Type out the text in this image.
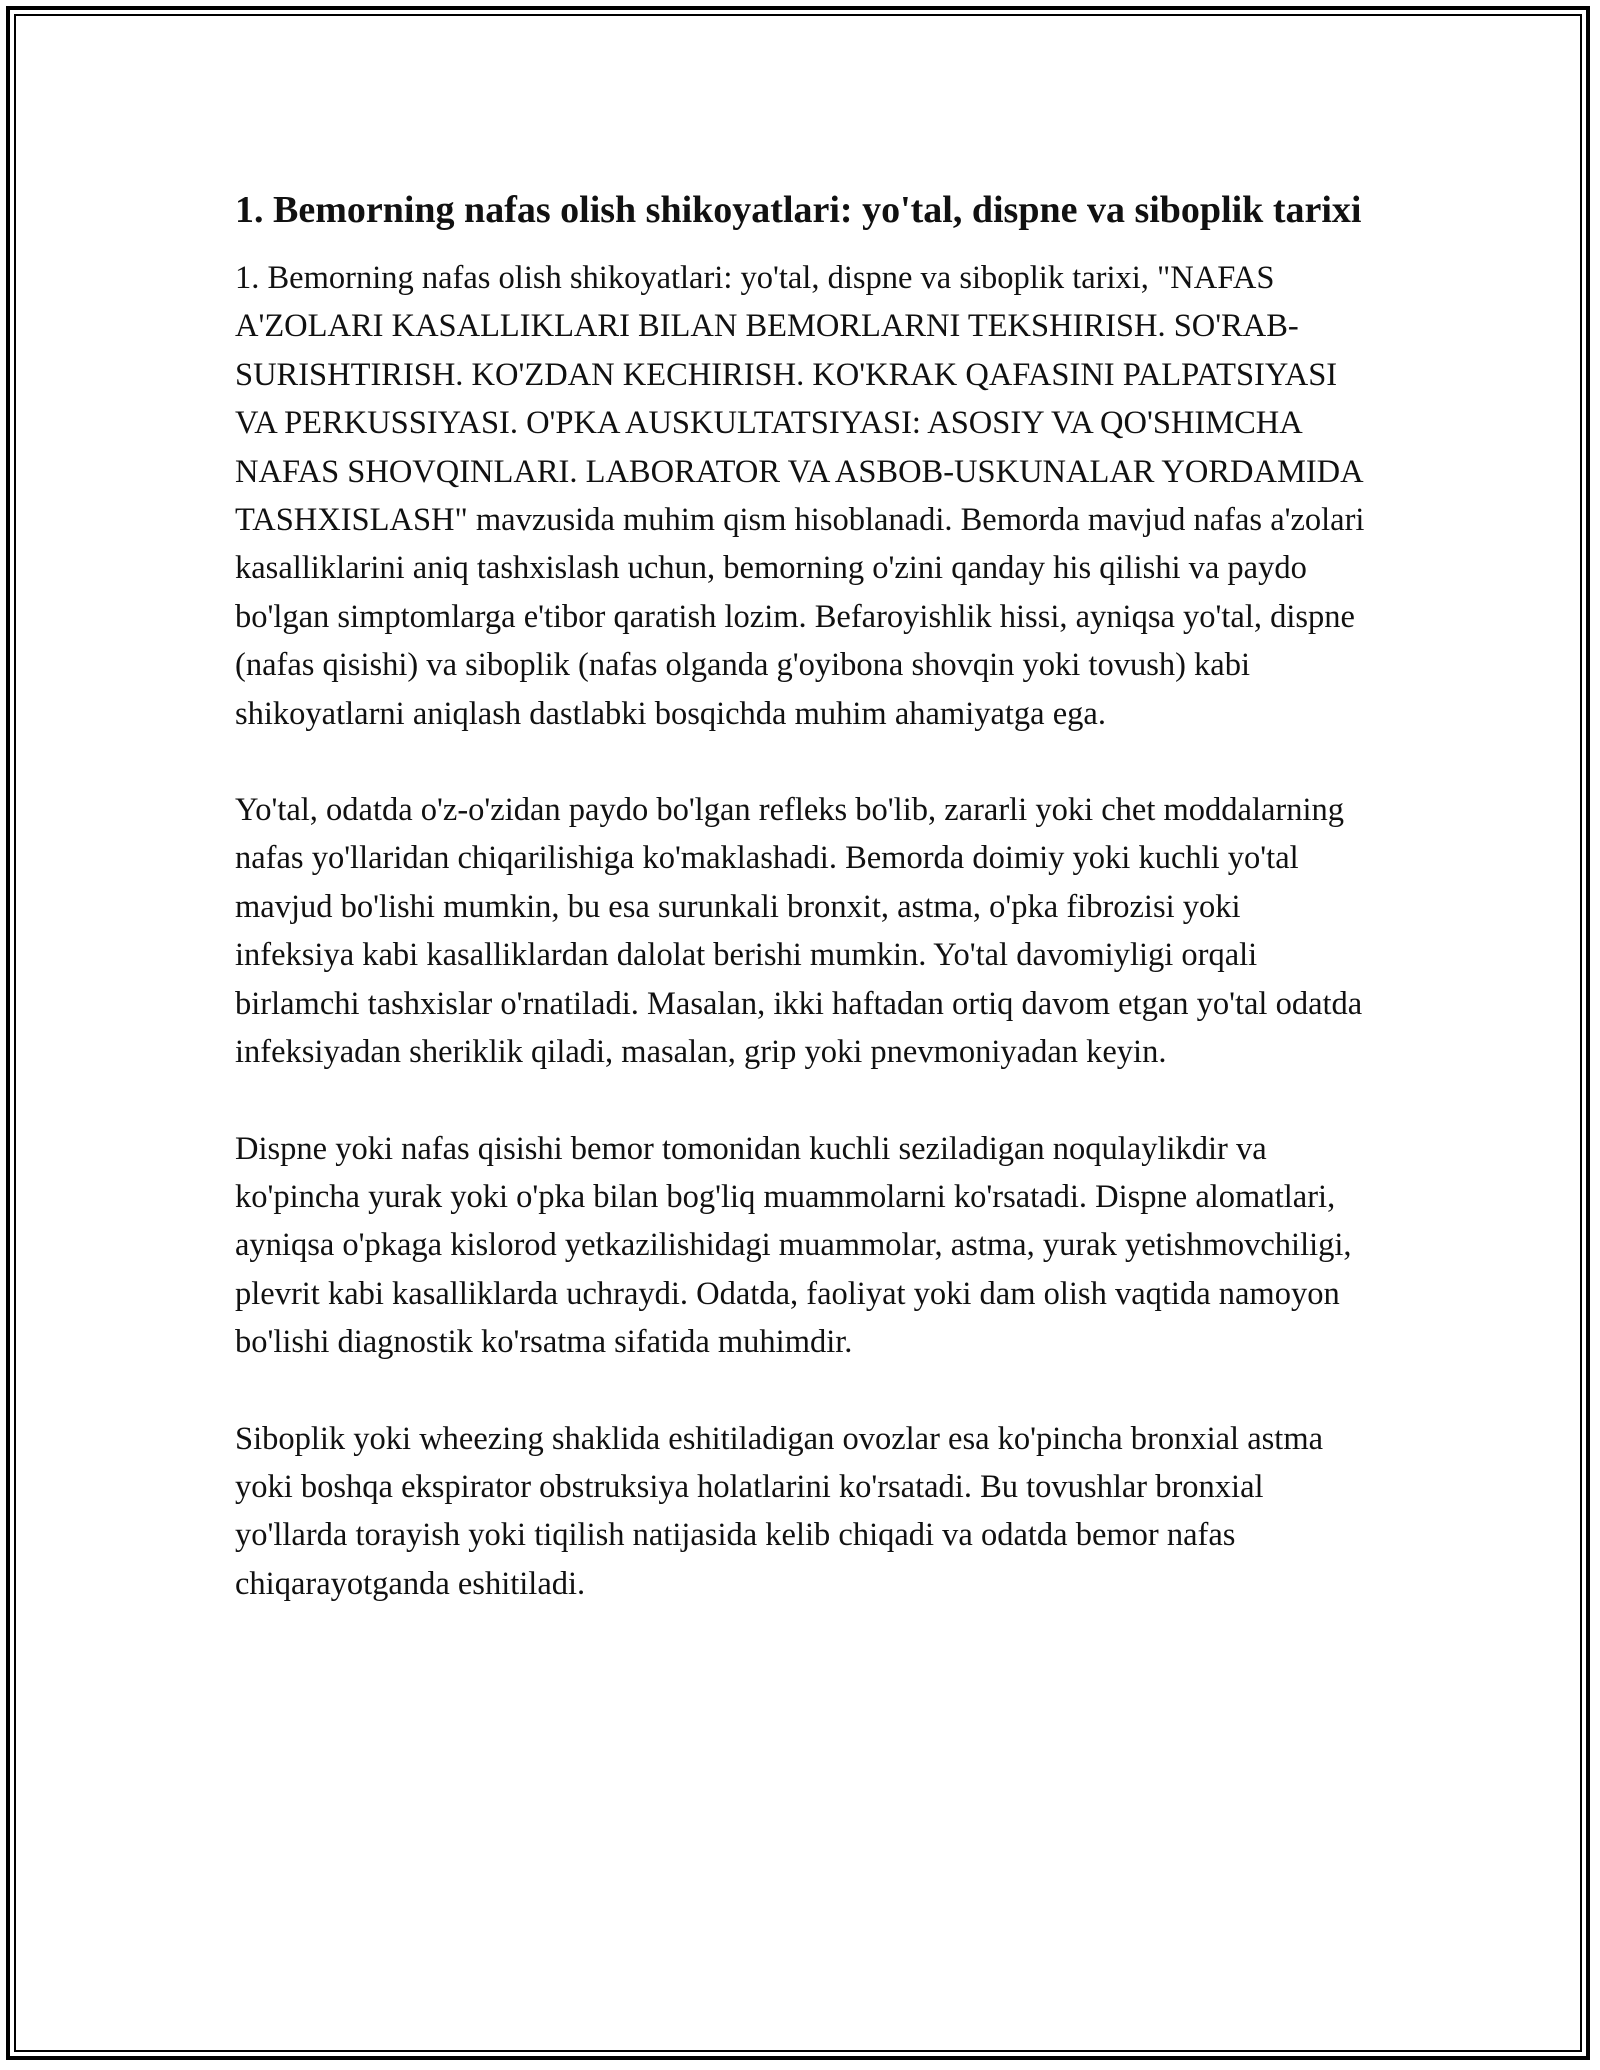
1. Bemorning nafas olish shikoyatlari: yo'tal, dispne va siboplik tarixi

1. Bemorning nafas olish shikoyatlari: yo'tal, dispne va siboplik tarixi, "NAFAS A'ZOLARI KASALLIKLARI BILAN BEMORLARNI TEKSHIRISH. SO'RAB-SURISHTIRISH. KO'ZDAN KECHIRISH. KO'KRAK QAFASINI PALPATSIYASI VA PERKUSSIYASI. O'PKA AUSKULTATSIYASI: ASOSIY VA QO'SHIMCHA NAFAS SHOVQINLARI. LABORATOR VA ASBOB-USKUNALAR YORDAMIDA TASHXISLASH" mavzusida muhim qism hisoblanadi. Bemorda mavjud nafas a'zolari kasalliklarini aniq tashxislash uchun, bemorning o'zini qanday his qilishi va paydo bo'lgan simptomlarga e'tibor qaratish lozim. Befaroyishlik hissi, ayniqsa yo'tal, dispne (nafas qisishi) va siboplik (nafas olganda g'oyibona shovqin yoki tovush) kabi shikoyatlarni aniqlash dastlabki bosqichda muhim ahamiyatga ega.

Yo'tal, odatda o'z-o'zidan paydo bo'lgan refleks bo'lib, zararli yoki chet moddalarning nafas yo'llaridan chiqarilishiga ko'maklashadi. Bemorda doimiy yoki kuchli yo'tal mavjud bo'lishi mumkin, bu esa surunkali bronxit, astma, o'pka fibrozisi yoki infeksiya kabi kasalliklardan dalolat berishi mumkin. Yo'tal davomiyligi orqali birlamchi tashxislar o'rnatiladi. Masalan, ikki haftadan ortiq davom etgan yo'tal odatda infeksiyadan sheriklik qiladi, masalan, grip yoki pnevmoniyadan keyin.

Dispne yoki nafas qisishi bemor tomonidan kuchli seziladigan noqulaylikdir va ko'pincha yurak yoki o'pka bilan bog'liq muammolarni ko'rsatadi. Dispne alomatlari, ayniqsa o'pkaga kislorod yetkazilishidagi muammolar, astma, yurak yetishmovchiligi, plevrit kabi kasalliklarda uchraydi. Odatda, faoliyat yoki dam olish vaqtida namoyon bo'lishi diagnostik ko'rsatma sifatida muhimdir.

Siboplik yoki wheezing shaklida eshitiladigan ovozlar esa ko'pincha bronxial astma yoki boshqa ekspirator obstruksiya holatlarini ko'rsatadi. Bu tovushlar bronxial yo'llarda torayish yoki tiqilish natijasida kelib chiqadi va odatda bemor nafas chiqarayotganda eshitiladi.
